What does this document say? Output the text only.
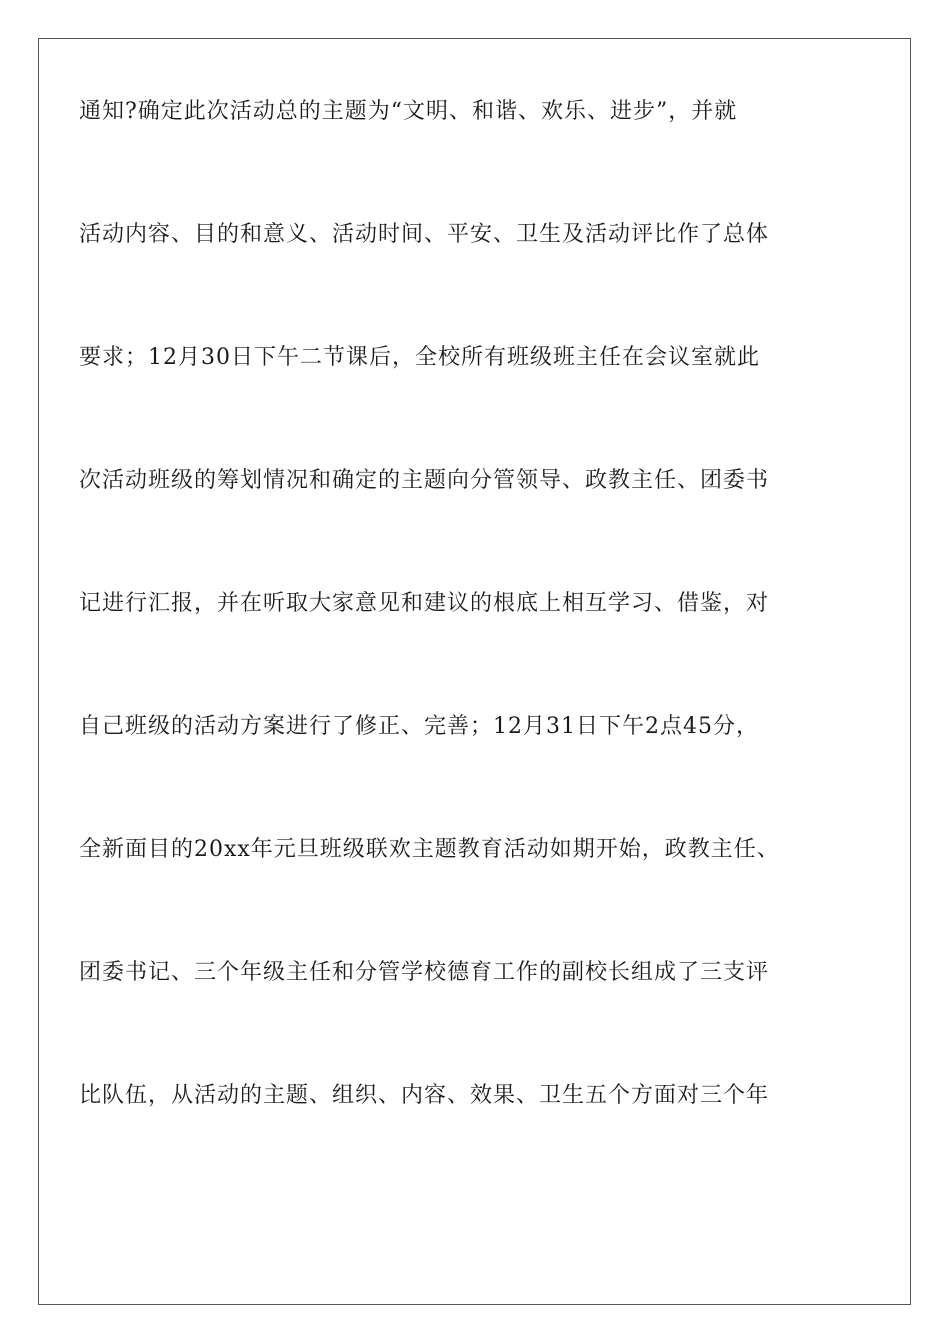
通知?确定此次活动总的主题为“文明、和谐、欢乐、进步”，并就
活动内容、目的和意义、活动时间、平安、卫生及活动评比作了总体
要求；12月30日下午二节课后，全校所有班级班主任在会议室就此
次活动班级的筹划情况和确定的主题向分管领导、政教主任、团委书
记进行汇报，并在听取大家意见和建议的根底上相互学习、借鉴，对
自己班级的活动方案进行了修正、完善；12月31日下午2点45分，
全新面目的20xx年元旦班级联欢主题教育活动如期开始，政教主任、
团委书记、三个年级主任和分管学校德育工作的副校长组成了三支评
比队伍，从活动的主题、组织、内容、效果、卫生五个方面对三个年
